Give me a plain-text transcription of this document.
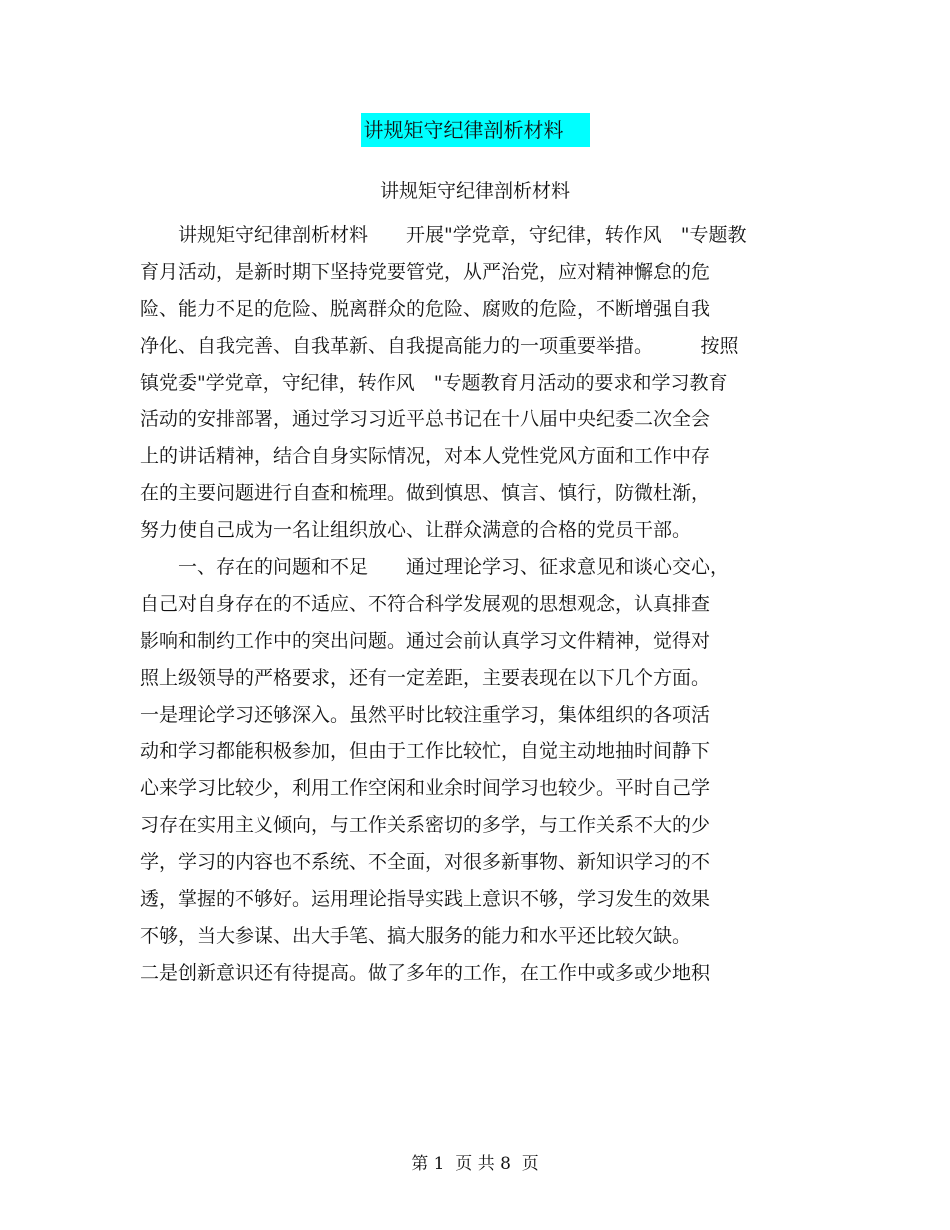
讲规矩守纪律剖析材料
讲规矩守纪律剖析材料
　　讲规矩守纪律剖析材料　　开展"学党章，守纪律，转作风　"专题教
育月活动，是新时期下坚持党要管党，从严治党，应对精神懈怠的危
险、能力不足的危险、脱离群众的危险、腐败的危险，不断增强自我
净化、自我完善、自我革新、自我提高能力的一项重要举措。　　　按照
镇党委"学党章，守纪律，转作风　"专题教育月活动的要求和学习教育
活动的安排部署，通过学习习近平总书记在十八届中央纪委二次全会
上的讲话精神，结合自身实际情况，对本人党性党风方面和工作中存
在的主要问题进行自查和梳理。做到慎思、慎言、慎行，防微杜渐，
努力使自己成为一名让组织放心、让群众满意的合格的党员干部。
　　一、存在的问题和不足　　通过理论学习、征求意见和谈心交心，
自己对自身存在的不适应、不符合科学发展观的思想观念，认真排查
影响和制约工作中的突出问题。通过会前认真学习文件精神，觉得对
照上级领导的严格要求，还有一定差距，主要表现在以下几个方面。
一是理论学习还够深入。虽然平时比较注重学习，集体组织的各项活
动和学习都能积极参加，但由于工作比较忙，自觉主动地抽时间静下
心来学习比较少，利用工作空闲和业余时间学习也较少。平时自己学
习存在实用主义倾向，与工作关系密切的多学，与工作关系不大的少
学，学习的内容也不系统、不全面，对很多新事物、新知识学习的不
透，掌握的不够好。运用理论指导实践上意识不够，学习发生的效果
不够，当大参谋、出大手笔、搞大服务的能力和水平还比较欠缺。
二是创新意识还有待提高。做了多年的工作，在工作中或多或少地积
第 1  页 共 8  页
